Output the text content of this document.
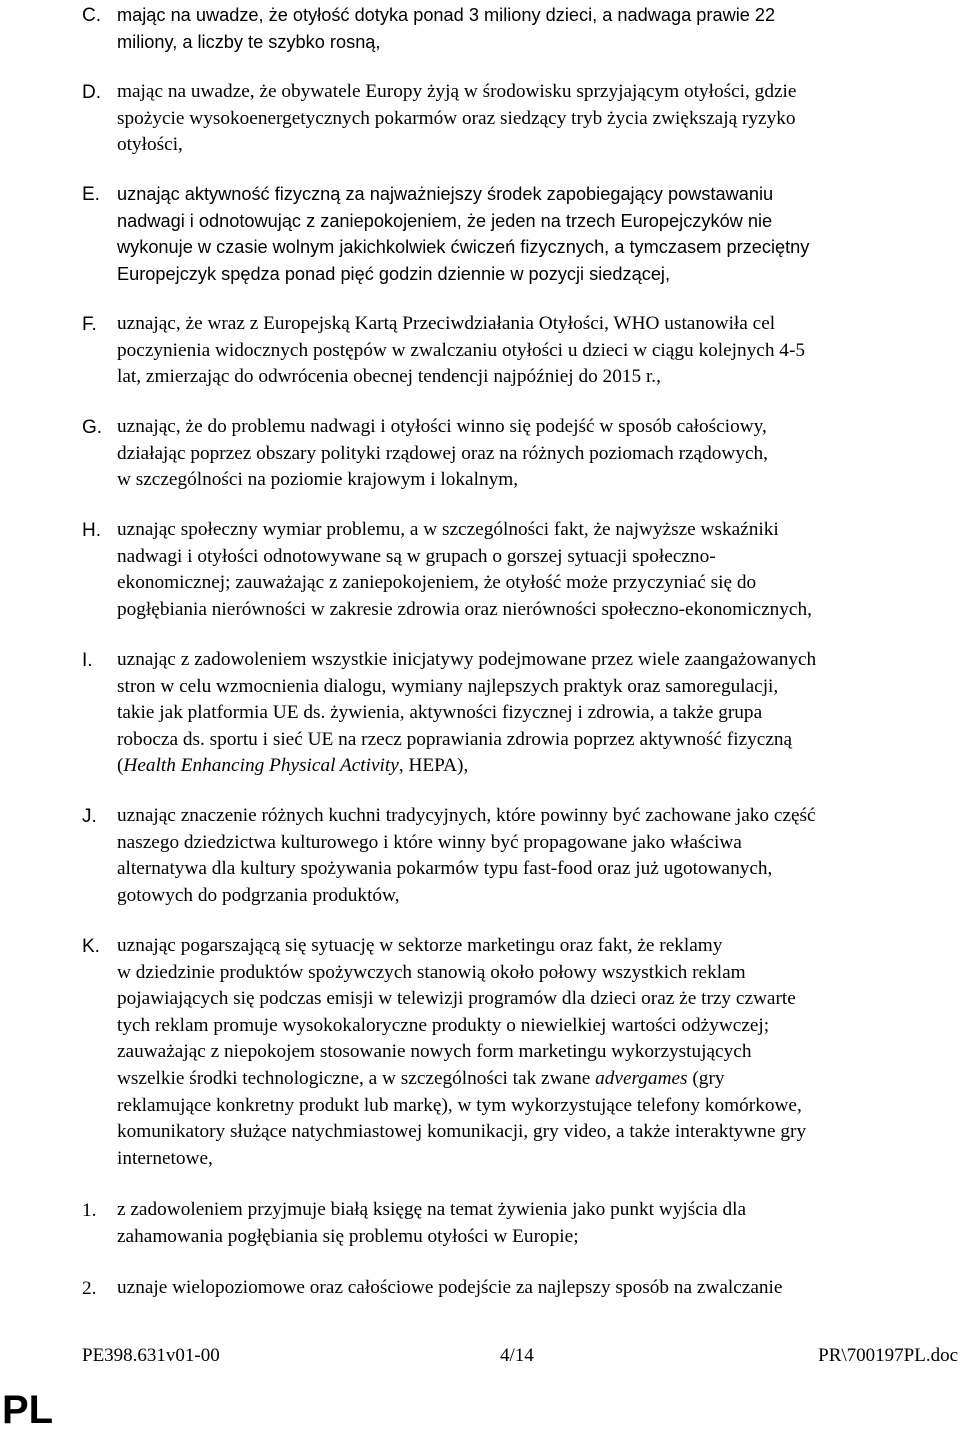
C. mając na uwadze, że otyłość dotyka ponad 3 miliony dzieci, a nadwaga prawie 22
miliony, a liczby te szybko rosną,
D. mając na uwadze, że obywatele Europy żyją w środowisku sprzyjającym otyłości, gdzie
spożycie wysokoenergetycznych pokarmów oraz siedzący tryb życia zwiększają ryzyko
otyłości,
E. uznając aktywność fizyczną za najważniejszy środek zapobiegający powstawaniu
nadwagi i odnotowując z zaniepokojeniem, że jeden na trzech Europejczyków nie
wykonuje w czasie wolnym jakichkolwiek ćwiczeń fizycznych, a tymczasem przeciętny
Europejczyk spędza ponad pięć godzin dziennie w pozycji siedzącej,
F. uznając, że wraz z Europejską Kartą Przeciwdziałania Otyłości, WHO ustanowiła cel
poczynienia widocznych postępów w zwalczaniu otyłości u dzieci w ciągu kolejnych 4-5
lat, zmierzając do odwrócenia obecnej tendencji najpóźniej do 2015 r.,
G. uznając, że do problemu nadwagi i otyłości winno się podejść w sposób całościowy,
działając poprzez obszary polityki rządowej oraz na różnych poziomach rządowych,
w szczególności na poziomie krajowym i lokalnym,
H. uznając społeczny wymiar problemu, a w szczególności fakt, że najwyższe wskaźniki
nadwagi i otyłości odnotowywane są w grupach o gorszej sytuacji społeczno-
ekonomicznej; zauważając z zaniepokojeniem, że otyłość może przyczyniać się do
pogłębiania nierówności w zakresie zdrowia oraz nierówności społeczno-ekonomicznych,
I. uznając z zadowoleniem wszystkie inicjatywy podejmowane przez wiele zaangażowanych
stron w celu wzmocnienia dialogu, wymiany najlepszych praktyk oraz samoregulacji,
takie jak platformia UE ds. żywienia, aktywności fizycznej i zdrowia, a także grupa
robocza ds. sportu i sieć UE na rzecz poprawiania zdrowia poprzez aktywność fizyczną
(Health Enhancing Physical Activity, HEPA),
J. uznając znaczenie różnych kuchni tradycyjnych, które powinny być zachowane jako część
naszego dziedzictwa kulturowego i które winny być propagowane jako właściwa
alternatywa dla kultury spożywania pokarmów typu fast-food oraz już ugotowanych,
gotowych do podgrzania produktów,
K. uznając pogarszającą się sytuację w sektorze marketingu oraz fakt, że reklamy
w dziedzinie produktów spożywczych stanowią około połowy wszystkich reklam
pojawiających się podczas emisji w telewizji programów dla dzieci oraz że trzy czwarte
tych reklam promuje wysokokaloryczne produkty o niewielkiej wartości odżywczej;
zauważając z niepokojem stosowanie nowych form marketingu wykorzystujących
wszelkie środki technologiczne, a w szczególności tak zwane advergames (gry
reklamujące konkretny produkt lub markę), w tym wykorzystujące telefony komórkowe,
komunikatory służące natychmiastowej komunikacji, gry video, a także interaktywne gry
internetowe,
1. z zadowoleniem przyjmuje białą księgę na temat żywienia jako punkt wyjścia dla
zahamowania pogłębiania się problemu otyłości w Europie;
2. uznaje wielopoziomowe oraz całościowe podejście za najlepszy sposób na zwalczanie
PE398.631v01-00	4/14	PR\700197PL.doc
PL
